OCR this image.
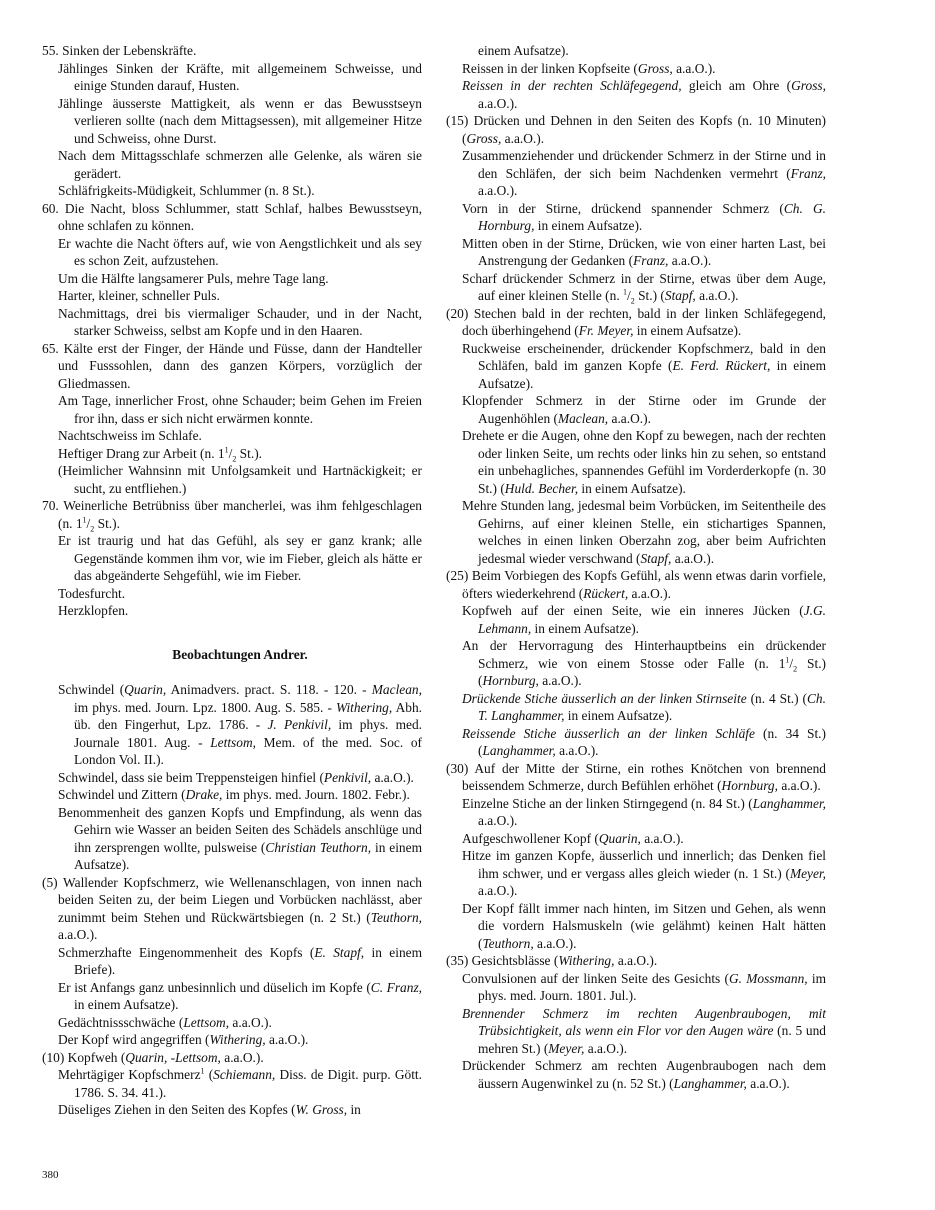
55. Sinken der Lebenskräfte.

Jählinges Sinken der Kräfte, mit allgemeinem Schweisse, und einige Stunden darauf, Husten.

Jählinge äusserste Mattigkeit, als wenn er das Bewusstseyn verlieren sollte (nach dem Mittagsessen), mit allgemeiner Hitze und Schweiss, ohne Durst.

Nach dem Mittagsschlafe schmerzen alle Gelenke, als wären sie gerädert.

Schläfrigkeits-Müdigkeit, Schlummer (n. 8 St.).

60. Die Nacht, bloss Schlummer, statt Schlaf, halbes Bewusstseyn, ohne schlafen zu können.

Er wachte die Nacht öfters auf, wie von Aengstlichkeit und als sey es schon Zeit, aufzustehen.

Um die Hälfte langsamerer Puls, mehre Tage lang.

Harter, kleiner, schneller Puls.

Nachmittags, drei bis viermaliger Schauder, und in der Nacht, starker Schweiss, selbst am Kopfe und in den Haaren.

65. Kälte erst der Finger, der Hände und Füsse, dann der Handteller und Fusssohlen, dann des ganzen Körpers, vorzüglich der Gliedmassen.

Am Tage, innerlicher Frost, ohne Schauder; beim Gehen im Freien fror ihn, dass er sich nicht erwärmen konnte.

Nachtschweiss im Schlafe.

Heftiger Drang zur Arbeit (n. $1^1/_2$ St.).

(Heimlicher Wahnsinn mit Unfolgsamkeit und Hartnäckigkeit; er sucht, zu entfliehen.)

70. Weinerliche Betrübniss über mancherlei, was ihm fehlgeschlagen (n. $1^1/_2$ St.).

Er ist traurig und hat das Gefühl, als sey er ganz krank; alle Gegenstände kommen ihm vor, wie im Fieber, gleich als hätte er das abgeänderte Sehgefühl, wie im Fieber.

Todesfurcht.

Herzklopfen.

Beobachtungen Andrer.

Schwindel (Quarin, Animadvers. pract. S. 118. - 120. - Maclean, im phys. med. Journ. Lpz. 1800. Aug. S. 585. - Withering, Abh. üb. den Fingerhut, Lpz. 1786. - J. Penkivil, im phys. med. Journale 1801. Aug. - Lettsom, Mem. of the med. Soc. of London Vol. II.).

Schwindel, dass sie beim Treppensteigen hinfiel (Penkivil, a.a.O.).

Schwindel und Zittern (Drake, im phys. med. Journ. 1802. Febr.).

Benommenheit des ganzen Kopfs und Empfindung, als wenn das Gehirn wie Wasser an beiden Seiten des Schädels anschlüge und ihn zersprengen wollte, pulsweise (Christian Teuthorn, in einem Aufsatze).

(5) Wallender Kopfschmerz, wie Wellenanschlagen, von innen nach beiden Seiten zu, der beim Liegen und Vorbücken nachlässt, aber zunimmt beim Stehen und Rückwärtsbiegen (n. 2 St.) (Teuthorn, a.a.O.).

Schmerzhafte Eingenommenheit des Kopfs (E. Stapf, in einem Briefe).

Er ist Anfangs ganz unbesinnlich und düselich im Kopfe (C. Franz, in einem Aufsatze).

Gedächtnissschwäche (Lettsom, a.a.O.).

Der Kopf wird angegriffen (Withering, a.a.O.).

(10) Kopfweh (Quarin, -Lettsom, a.a.O.).

Mehrtägiger Kopfschmerz$^1$ (Schiemann, Diss. de Digit. purp. Gött. 1786. S. 34. 41.).

Düseliges Ziehen in den Seiten des Kopfes (W. Gross, in

einem Aufsatze).

Reissen in der linken Kopfseite (Gross, a.a.O.).

Reissen in der rechten Schläfegegend, gleich am Ohre (Gross, a.a.O.).

(15) Drücken und Dehnen in den Seiten des Kopfs (n. 10 Minuten) (Gross, a.a.O.).

Zusammenziehender und drückender Schmerz in der Stirne und in den Schläfen, der sich beim Nachdenken vermehrt (Franz, a.a.O.).

Vorn in der Stirne, drückend spannender Schmerz (Ch. G. Hornburg, in einem Aufsatze).

Mitten oben in der Stirne, Drücken, wie von einer harten Last, bei Anstrengung der Gedanken (Franz, a.a.O.).

Scharf drückender Schmerz in der Stirne, etwas über dem Auge, auf einer kleinen Stelle (n. $^1/_2$ St.) (Stapf, a.a.O.).

(20) Stechen bald in der rechten, bald in der linken Schläfegegend, doch überhingehend (Fr. Meyer, in einem Aufsatze).

Ruckweise erscheinender, drückender Kopfschmerz, bald in den Schläfen, bald im ganzen Kopfe (E. Ferd. Rückert, in einem Aufsatze).

Klopfender Schmerz in der Stirne oder im Grunde der Augenhöhlen (Maclean, a.a.O.).

Drehete er die Augen, ohne den Kopf zu bewegen, nach der rechten oder linken Seite, um rechts oder links hin zu sehen, so entstand ein unbehagliches, spannendes Gefühl im Vorderderkopfe (n. 30 St.) (Huld. Becher, in einem Aufsatze).

Mehre Stunden lang, jedesmal beim Vorbücken, im Seitentheile des Gehirns, auf einer kleinen Stelle, ein stichartiges Spannen, welches in einen linken Oberzahn zog, aber beim Aufrichten jedesmal wieder verschwand (Stapf, a.a.O.).

(25) Beim Vorbiegen des Kopfs Gefühl, als wenn etwas darin vorfiele, öfters wiederkehrend (Rückert, a.a.O.).

Kopfweh auf der einen Seite, wie ein inneres Jücken (J.G. Lehmann, in einem Aufsatze).

An der Hervorragung des Hinterhauptbeins ein drückender Schmerz, wie von einem Stosse oder Falle (n. $1^1/_2$ St.) (Hornburg, a.a.O.).

Drückende Stiche äusserlich an der linken Stirnseite (n. 4 St.) (Ch. T. Langhammer, in einem Aufsatze).

Reissende Stiche äusserlich an der linken Schläfe (n. 34 St.) (Langhammer, a.a.O.).

(30) Auf der Mitte der Stirne, ein rothes Knötchen von brennend beissendem Schmerze, durch Befühlen erhöhet (Hornburg, a.a.O.).

Einzelne Stiche an der linken Stirngegend (n. 84 St.) (Langhammer, a.a.O.).

Aufgeschwollener Kopf (Quarin, a.a.O.).

Hitze im ganzen Kopfe, äusserlich und innerlich; das Denken fiel ihm schwer, und er vergass alles gleich wieder (n. 1 St.) (Meyer, a.a.O.).

Der Kopf fällt immer nach hinten, im Sitzen und Gehen, als wenn die vordern Halsmuskeln (wie gelähmt) keinen Halt hätten (Teuthorn, a.a.O.).

(35) Gesichtsblässe (Withering, a.a.O.).

Convulsionen auf der linken Seite des Gesichts (G. Mossmann, im phys. med. Journ. 1801. Jul.).

Brennender Schmerz im rechten Augenbraubogen, mit Trübsichtigkeit, als wenn ein Flor vor den Augen wäre (n. 5 und mehren St.) (Meyer, a.a.O.).

Drückender Schmerz am rechten Augenbraubogen nach dem äussern Augenwinkel zu (n. 52 St.) (Langhammer, a.a.O.).

380
